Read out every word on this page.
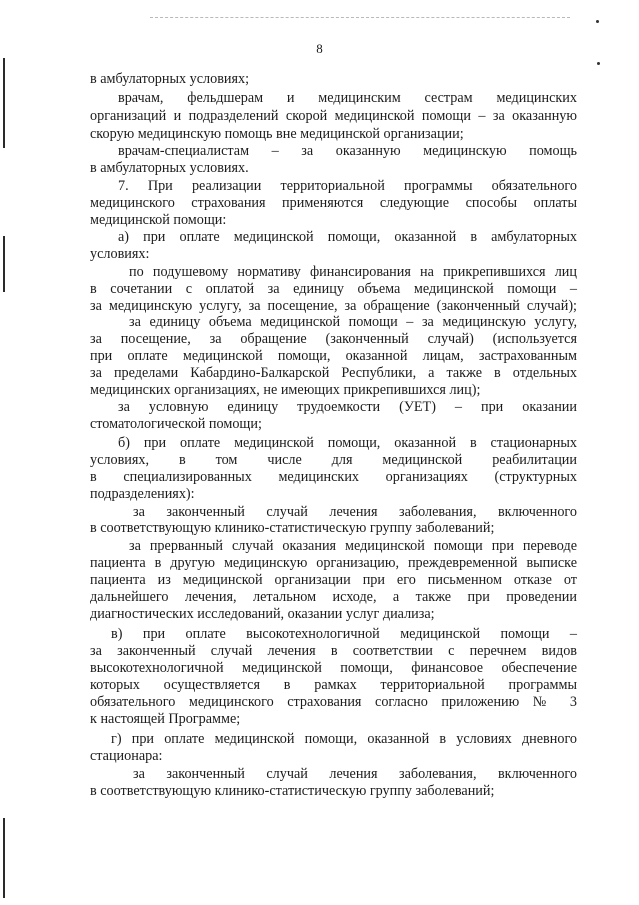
8
в амбулаторных условиях;
врачам, фельдшерам и медицинским сестрам медицинских
организаций и подразделений скорой медицинской помощи – за оказанную
скорую медицинскую помощь вне медицинской организации;
врачам-специалистам – за оказанную медицинскую помощь
в амбулаторных условиях.
7. При реализации территориальной программы обязательного
медицинского страхования применяются следующие способы оплаты
медицинской помощи:
а) при оплате медицинской помощи, оказанной в амбулаторных
условиях:
по подушевому нормативу финансирования на прикрепившихся лиц
в сочетании с оплатой за единицу объема медицинской помощи –
за медицинскую услугу, за посещение, за обращение (законченный случай);
за единицу объема медицинской помощи – за медицинскую услугу,
за посещение, за обращение (законченный случай) (используется
при оплате медицинской помощи, оказанной лицам, застрахованным
за пределами Кабардино-Балкарской Республики, а также в отдельных
медицинских организациях, не имеющих прикрепившихся лиц);
за условную единицу трудоемкости (УЕТ) – при оказании
стоматологической помощи;
б) при оплате медицинской помощи, оказанной в стационарных
условиях, в том числе для медицинской реабилитации
в специализированных медицинских организациях (структурных
подразделениях):
за законченный случай лечения заболевания, включенного
в соответствующую клинико-статистическую группу заболеваний;
за прерванный случай оказания медицинской помощи при переводе
пациента в другую медицинскую организацию, преждевременной выписке
пациента из медицинской организации при его письменном отказе от
дальнейшего лечения, летальном исходе, а также при проведении
диагностических исследований, оказании услуг диализа;
в) при оплате высокотехнологичной медицинской помощи –
за законченный случай лечения в соответствии с перечнем видов
высокотехнологичной медицинской помощи, финансовое обеспечение
которых осуществляется в рамках территориальной программы
обязательного медицинского страхования согласно приложению № 3
к настоящей Программе;
г) при оплате медицинской помощи, оказанной в условиях дневного
стационара:
за законченный случай лечения заболевания, включенного
в соответствующую клинико-статистическую группу заболеваний;
